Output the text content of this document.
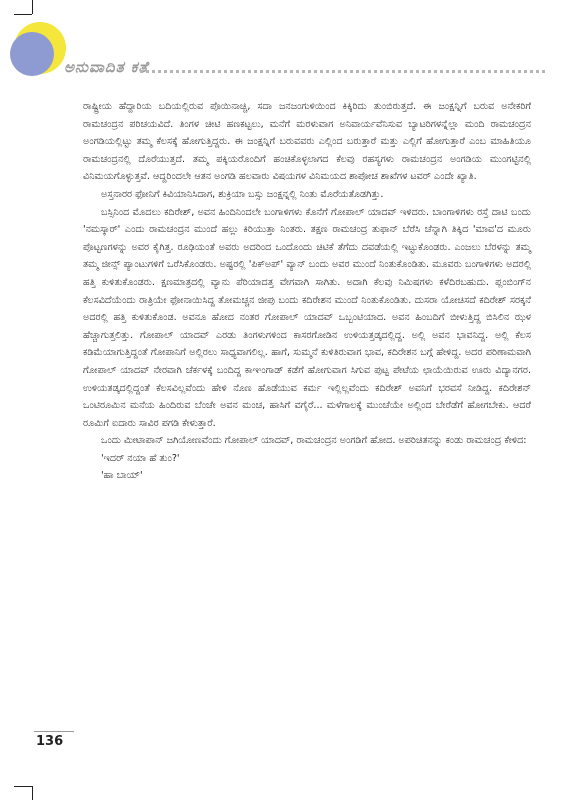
ಅನುವಾದಿತ ಕತೆ

ರಾಷ್ಟ್ರೀಯ ಹೆದ್ದಾರಿಯ ಬದಿಯಲ್ಲಿರುವ ಪೊಯಿನಾಚ್ಚಿ, ಸದಾ ಜನಜಂಗುಳಿಯಿಂದ ಕಿಕ್ಕಿರಿದು ತುಂಬಿರುತ್ತದೆ. ಈ ಜಂಕ್ಷನ್ನಿಗೆ ಬರುವ ಅನೇಕರಿಗೆ ರಾಮಚಂದ್ರನ ಪರಿಚಯವಿದೆ. ತಿಂಗಳ ಚೀಟಿ ಹಣಕಟ್ಟಲು, ಮನೆಗೆ ಮರಳುವಾಗ ಅನಿವಾರ್ಯವೆನಿಸುವ ಬ್ಯಾಟರಿಗಳನ್ನೆಲ್ಲಾ ಮಂದಿ ರಾಮಚಂದ್ರನ ಅಂಗಡಿಯಲ್ಲಿಟ್ಟು ತಮ್ಮ ಕೆಲಸಕ್ಕೆ ಹೋಗುತ್ತಿದ್ದರು. ಈ ಜಂಕ್ಷನ್ನಿಗೆ ಬರುವವರು ಎಲ್ಲಿಂದ ಬರುತ್ತಾರೆ ಮತ್ತು ಎಲ್ಲಿಗೆ ಹೋಗುತ್ತಾರೆ ಎಂಬ ಮಾಹಿತಿಯೂ ರಾಮಚಂದ್ರನಲ್ಲಿ ದೊರೆಯುತ್ತದೆ. ತಮ್ಮ ಪಕ್ಕಿಯರೊಂದಿಗೆ ಹಂಚಿಕೊಳ್ಳಲಾಗದ ಕೆಲವು ರಹಸ್ಯಗಳು ರಾಮಚಂದ್ರನ ಅಂಗಡಿಯ ಮುಂಗಟ್ಟಿನಲ್ಲಿ ವಿನಿಮಯಗೊಳ್ಳುತ್ತವೆ. ಆದ್ದರಿಂದಲೇ ಆತನ ಅಂಗಡಿ ಹಲವಾರು ವಿಷಯಗಳ ವಿನಿಮಯದ ಶಾಪೋಚ ಶಾಖೆಗಳ ಟವರ್ ಎಂದೇ ಖ್ಯಾತಿ.

ಅಸ್ತನಾರರ ಫೋನಿಗೆ ಕಿವಿಯಾನಿಸಿದಾಗ, ಶುಕ್ರಿಯಾ ಬಸ್ಸು ಜಂಕ್ಷನ್ನಲ್ಲಿ ನಿಂತು ಮೊರೆಯತೊಡಗಿತ್ತು.

ಬಸ್ಸಿನಿಂದ ಮೊದಲು ಕದಿರೇಶ್, ಅವನ ಹಿಂದಿನಿಂದಲೇ ಬಂಗಾಳಿಗಳು ಕೊನೆಗೆ ಗೋಪಾಲ್ ಯಾದವ್ ಇಳಿದರು. ಬಾಂಗಾಳಿಗಳು ರಸ್ತೆ ದಾಟಿ ಬಂದು 'ನಮಸ್ಕಾರ್' ಎಂದು ರಾಮಚಂದ್ರನ ಮುಂದೆ ಹಲ್ಲು ಕಿರಿಯುತ್ತಾ ನಿಂತರು. ತಕ್ಷಣ ರಾಮಚಂದ್ರ ತುಫಾನ್ ಬೆರೆಸಿ ಚೆನ್ನಾಗಿ ತಿಕ್ಕಿದ 'ಮಾವ'ದ ಮೂರು ಪೊಟ್ಟಣಗಳನ್ನು ಅವರ ಕೈಗಿತ್ತ. ರೂಢಿಯಂತೆ ಅವರು ಅದರಿಂದ ಒಂದೊಂದು ಚಿಟಿಕೆ ತೆಗೆದು ದವಡೆಯಲ್ಲಿ ಇಟ್ಟುಕೊಂಡರು. ಎಂಜಲು ಬೆರಳನ್ನು ತಮ್ಮ ತಮ್ಮ ಜೀನ್ಸ್ ಪ್ಯಾಂಟುಗಳಿಗೆ ಒರೆಸಿಕೊಂಡರು. ಅಷ್ಟರಲ್ಲಿ 'ಪಿಕ್‌ಅಪ್' ವ್ಯಾನ್ ಬಂದು ಅವರ ಮುಂದೆ ನಿಂತುಕೊಂಡಿತು. ಮೂವರು ಬಂಗಾಳಿಗಳು ಅದರಲ್ಲಿ ಹತ್ತಿ ಕುಳಿತುಕೊಂಡರು. ಕ್ಷಣಮಾತ್ರದಲ್ಲಿ ವ್ಯಾನು ಪೆರಿಯಾದತ್ತ ವೇಗವಾಗಿ ಸಾಗಿತು. ಅದಾಗಿ ಕೆಲವು ನಿಮಿಷಗಳು ಕಳೆದಿರಬಹುದು. ಪ್ಲಂಬಿಂಗ್‌ನ ಕೆಲಸವಿದೆಯೆಂದು ರಾತ್ರಿಯೇ ಫೋನಾಯಿಸಿದ್ದ ತೋಮಚ್ಚನ ಜೀಪು ಬಂದು ಕದಿರೇಶನ ಮುಂದೆ ನಿಂತುಕೊಂಡಿತು. ದುಸರಾ ಯೋಚಿಸದೆ ಕದಿರೇಶ್ ಸರಕ್ಕನೆ ಅದರಲ್ಲಿ ಹತ್ತಿ ಕುಳಿತುಕೊಂಡ. ಅವನೂ ಹೋದ ನಂತರ ಗೋಪಾಲ್ ಯಾದವ್ ಒಬ್ಬಂಟಿಯಾದ. ಅವನ ಹಿಂಬದಿಗೆ ಬೀಳುತ್ತಿದ್ದ ಬಿಸಿಲಿನ ಝಳ ಹೆಚ್ಚಾಗುತ್ತಲಿತ್ತು. ಗೋಪಾಲ್ ಯಾದವ್ ಎರಡು ತಿಂಗಳುಗಳಿಂದ ಕಾಸರಗೋಡಿನ ಉಳಿಯತ್ತಡ್ಕದಲ್ಲಿದ್ದ. ಅಲ್ಲಿ ಅವನ ಭಾವನಿದ್ದ. ಅಲ್ಲಿ ಕೆಲಸ ಕಡಿಮೆಯಾಗುತ್ತಿದ್ದಂತೆ ಗೋಪಾನಿಗೆ ಅಲ್ಲಿರಲು ಸಾಧ್ಯವಾಗಲಿಲ್ಲ. ಹಾಗೆ, ಸುಮ್ಮನೆ ಕುಳಿತಿರುವಾಗ ಭಾವ, ಕದಿರೇಶನ ಬಗ್ಗೆ ಹೇಳಿದ್ದ. ಅದರ ಪರಿಣಾಮವಾಗಿ ಗೋಪಾಲ್ ಯಾದವ್ ನೇರವಾಗಿ ಚೆರ್ಕಳಕ್ಕೆ ಬಂದಿದ್ದ ಕಾಞಂಗಾಡ್ ಕಡೆಗೆ ಹೋಗುವಾಗ ಸಿಗುವ ಪುಟ್ಟ ಪೇಟೆಯ ಛಾಯೆಯಿರುವ ಊರು ವಿದ್ಯಾನಗರ. ಉಳಿಯತಡ್ಕದಲ್ಲಿದ್ದಂತೆ ಕೆಲಸವಿಲ್ಲವೆಂದು ಹೇಳಿ ನೊಣ ಹೊಡೆಯುವ ಕರ್ಮ ಇಲ್ಲಿಲ್ಲವೆಂದು ಕದಿರೇಶ್ ಅವನಿಗೆ ಭರವಸೆ ನೀಡಿದ್ದ. ಕದಿರೇಶನ್ ಒಂಟಿರೂಮಿನ ಮನೆಯ ಹಿಂದಿರುವ ಬೆಂಚೇ ಅವನ ಮಂಚ, ಹಾಸಿಗೆ ವಗೈರೆ... ಮಳೆಗಾಲಕ್ಕೆ ಮುಂಚೆಯೇ ಅಲ್ಲಿಂದ ಬೇರೆಡೆಗೆ ಹೋಗಬೇಕು. ಆದರೆ ರೂಮಿಗೆ ಐದಾರು ಸಾವಿರ ಪಗಡಿ ಕೇಳುತ್ತಾರೆ.

ಒಂದು ಮೀಟಾಪಾನ್ ಜಗಿಯೋಣವೆಂದು ಗೋಪಾಲ್ ಯಾದವ್, ರಾಮಚಂದ್ರನ ಅಂಗಡಿಗೆ ಹೋದ. ಅಪರಿಚಿತನನ್ನು ಕಂಡು ರಾಮಚಂದ್ರ ಕೇಳಿದ:

'ಇದರ್ ನಯಾ ಹೆ ತುಂ?'

'ಹಾ ಬಾಯ್'

136
